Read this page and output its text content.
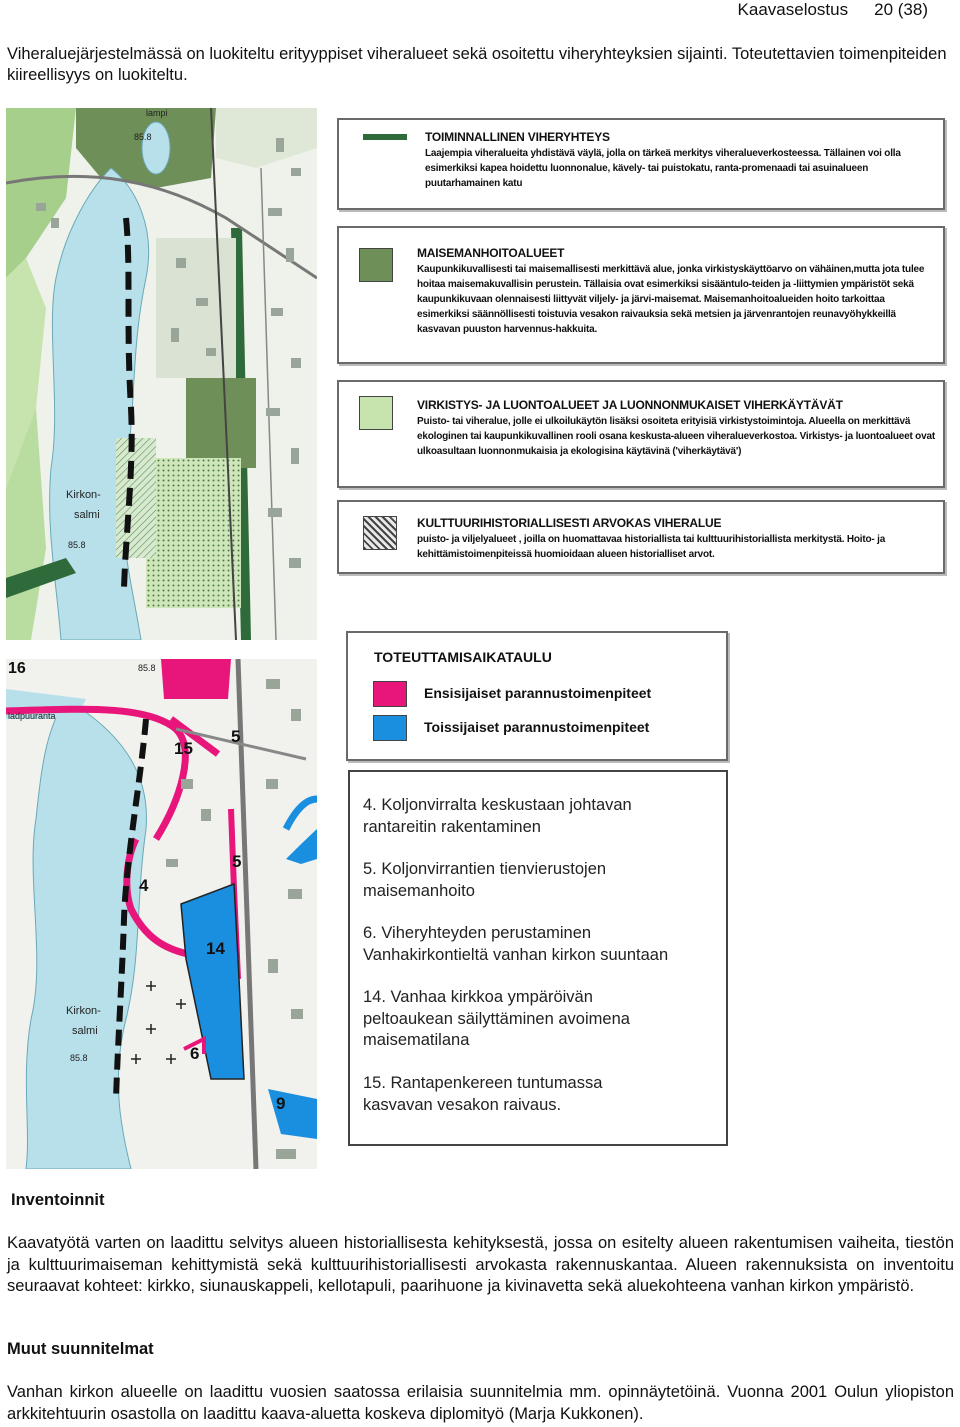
Kaavaselostus 20 (38)
Viheraluejärjestelmässä on luokiteltu erityyppiset viheralueet sekä osoitettu viheryhteyksien sijainti. Toteutettavien toimenpiteiden kiireellisyys on luokiteltu.
lampi
85.8
Kirkon-
salmi
85.8
TOIMINNALLINEN VIHERYHTEYS
Laajempia viheralueita yhdistävä väylä, jolla on tärkeä merkitys viheralueverkosteessa. Tällainen voi olla esimerkiksi kapea hoidettu luonnonalue, kävely- tai puistokatu, ranta-promenaadi tai asuinalueen puutarhamainen katu
MAISEMANHOITOALUEET
Kaupunkikuvallisesti tai maisemallisesti merkittävä alue, jonka virkistyskäyttöarvo on vähäinen,mutta jota tulee hoitaa maisemakuvallisin perustein. Tällaisia ovat esimerkiksi sisääntulo-teiden ja -liittymien ympäristöt sekä kaupunkikuvaan olennaisesti liittyvät viljely- ja järvi-maisemat. Maisemanhoitoalueiden hoito tarkoittaa esimerkiksi säännöllisesti toistuvia vesakon raivauksia sekä metsien ja järvenrantojen reunavyöhykkeillä kasvavan puuston harvennus-hakkuita.
VIRKISTYS- JA LUONTOALUEET JA LUONNONMUKAISET VIHERKÄYTÄVÄT
Puisto- tai viheralue, jolle ei ulkoilukäytön lisäksi osoiteta erityisiä virkistystoimintoja. Alueella on merkittävä ekologinen tai kaupunkikuvallinen rooli osana keskusta-alueen viheralueverkostoa. Virkistys- ja luontoalueet ovat ulkoasultaan luonnonmukaisia ja ekologisina käytävinä ('viherkäytävä')
KULTTUURIHISTORIALLISESTI ARVOKAS VIHERALUE
puisto- ja viljelyalueet , joilla on huomattavaa historiallista tai kulttuurihistoriallista merkitystä. Hoito- ja kehittämistoimenpiteissä huomioidaan alueen historialliset arvot.
16	85.8
ladpuuranta
15
5
5
4
14
6
9
Kirkon-
salmi
85.8
TOTEUTTAMISAIKATAULU
Ensisijaiset parannustoimenpiteet
Toissijaiset parannustoimenpiteet
4. Koljonvirralta keskustaan johtavan
rantareitin rakentaminen
5. Koljonvirrantien tienvierustojen
maisemanhoito
6. Viheryhteyden perustaminen
Vanhakirkontieltä vanhan kirkon suuntaan
14. Vanhaa kirkkoa ympäröivän
peltoaukean säilyttäminen avoimena
maisematilana
15. Rantapenkereen tuntumassa
kasvavan vesakon raivaus.
Inventoinnit
Kaavatyötä varten on laadittu selvitys alueen historiallisesta kehityksestä, jossa on esitelty alueen rakentumisen vaiheita, tiestön ja kulttuurimaiseman kehittymistä sekä kulttuurihistoriallisesti arvokasta rakennuskantaa. Alueen rakennuksista on inventoitu seuraavat kohteet: kirkko, siunauskappeli, kellotapuli, paarihuone ja kivinavetta sekä aluekohteena vanhan kirkon ympäristö.
Muut suunnitelmat
Vanhan kirkon alueelle on laadittu vuosien saatossa erilaisia suunnitelmia mm. opinnäytetöinä. Vuonna 2001 Oulun yliopiston arkkitehtuurin osastolla on laadittu kaava-aluetta koskeva diplomityö (Marja Kukkonen).
